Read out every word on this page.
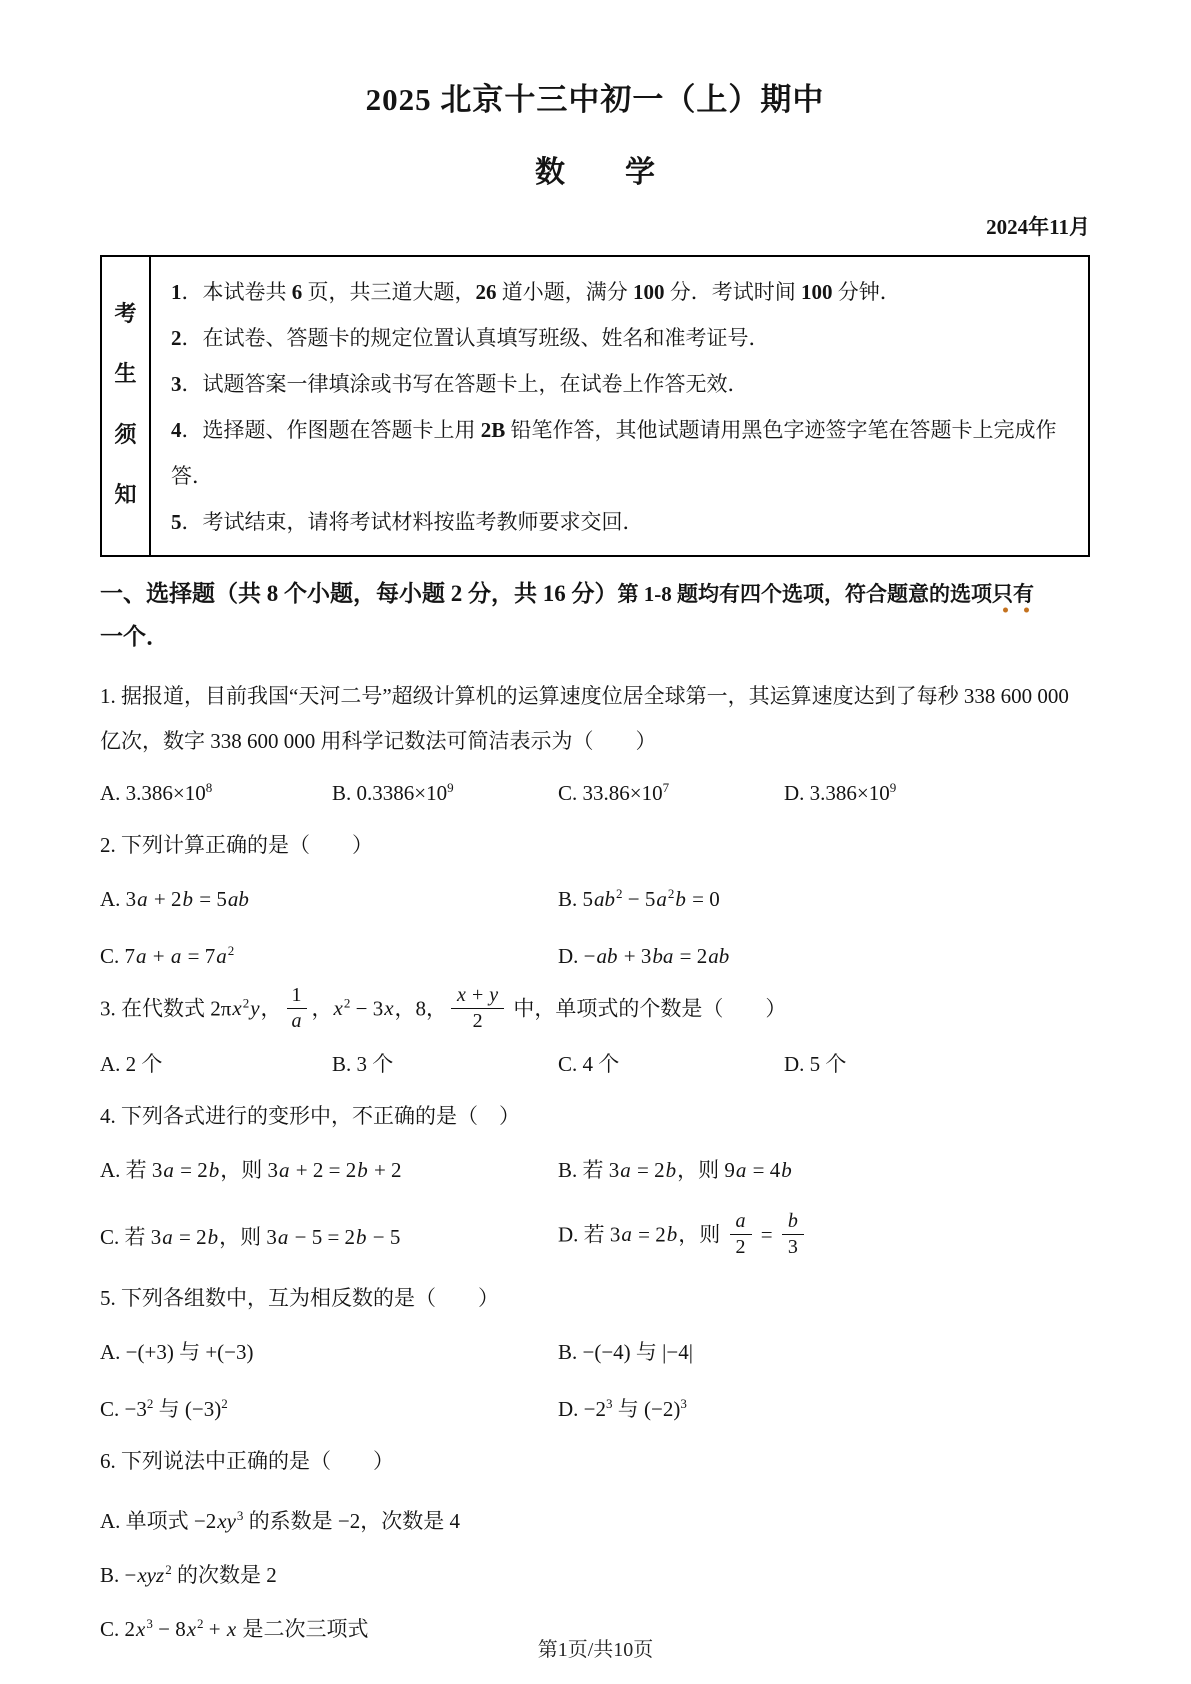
2025 北京十三中初一（上）期中
数　　学
2024年11月
考
生
须
知

1．本试卷共 6 页，共三道大题，26 道小题，满分 100 分．考试时间 100 分钟．

2．在试卷、答题卡的规定位置认真填写班级、姓名和准考证号．

3．试题答案一律填涂或书写在答题卡上，在试卷上作答无效．

4．选择题、作图题在答题卡上用 2B 铅笔作答，其他试题请用黑色字迹签字笔在答题卡上完成作答．

5．考试结束，请将考试材料按监考教师要求交回．

一、选择题（共 8 个小题，每小题 2 分，共 16 分）第 1-8 题均有四个选项，符合题意的选项只有
一个．

1. 据报道，目前我国“天河二号”超级计算机的运算速度位居全球第一，其运算速度达到了每秒 338 600 000 亿次，数字 338 600 000 用科学记数法可简洁表示为（　　）

A. $3.386\times 10^8$	B. $0.3386\times 10^9$	C. $33.86\times 10^7$	D. $3.386\times 10^9$

2. 下列计算正确的是（　　）

A. 3a + 2b = 5ab	B. $5ab^2 - 5a^2b = 0$
C. $7a + a = 7a^2$	D. −ab + 3ba = 2ab

3. 在代数式 $2\pi x^2y$， $\frac{1}{a}$ ，$x^2 - 3x$，8， $\frac{x + y}{2}$ 中，单项式的个数是（　　）

A. 2 个	B. 3 个	C. 4 个	D. 5 个

4. 下列各式进行的变形中，不正确的是（　）

A. 若 3a = 2b，则 3a + 2 = 2b + 2	B. 若 3a = 2b，则 9a = 4b
C. 若 3a = 2b，则 3a − 5 = 2b − 5	D. 若 3a = 2b，则 $\frac{a}{2} = \frac{b}{3}$

5. 下列各组数中，互为相反数的是（　　）

A. −(+3) 与 +(−3)	B. −(−4) 与 |−4|
C. $-3^2$ 与 $(-3)^2$	D. $-2^3$ 与 $(-2)^3$

6. 下列说法中正确的是（　　）

A. 单项式 $-2xy^3$ 的系数是 −2，次数是 4

B. −xyz$^2$ 的次数是 2

C. $2x^3 - 8x^2 + x$ 是二次三项式

第1页/共10页
